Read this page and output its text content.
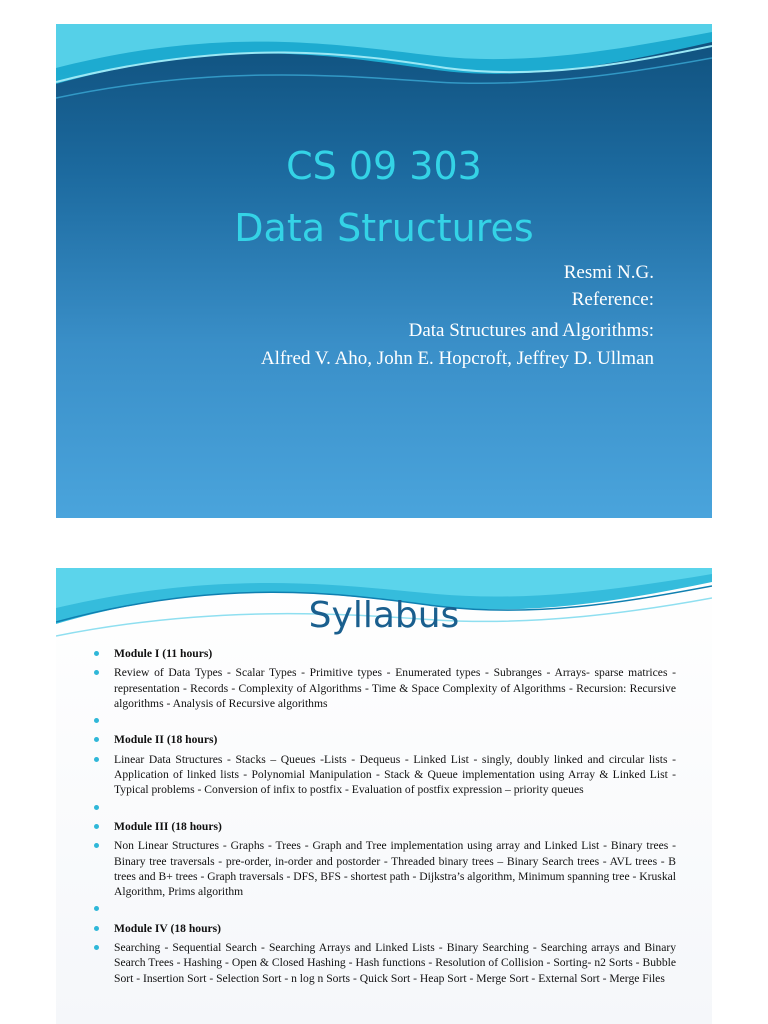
CS 09 303
Data Structures

Resmi N.G.

Reference:

Data Structures and Algorithms:

Alfred V. Aho, John E. Hopcroft, Jeffrey D. Ullman

Syllabus
Module I (11 hours)
Review of Data Types - Scalar Types - Primitive types - Enumerated types - Subranges - Arrays- sparse matrices - representation - Records - Complexity of Algorithms - Time & Space Complexity of Algorithms - Recursion: Recursive algorithms - Analysis of Recursive algorithms
Module II (18 hours)
Linear Data Structures - Stacks – Queues -Lists - Dequeus - Linked List - singly, doubly linked and circular lists - Application of linked lists - Polynomial Manipulation - Stack & Queue implementation using Array & Linked List - Typical problems - Conversion of infix to postfix - Evaluation of postfix expression – priority queues
Module III (18 hours)
Non Linear Structures - Graphs - Trees - Graph and Tree implementation using array and Linked List - Binary trees - Binary tree traversals - pre-order, in-order and postorder - Threaded binary trees – Binary Search trees - AVL trees - B trees and B+ trees - Graph traversals - DFS, BFS - shortest path - Dijkstra’s algorithm, Minimum spanning tree - Kruskal Algorithm, Prims algorithm
Module IV (18 hours)
Searching - Sequential Search - Searching Arrays and Linked Lists - Binary Searching - Searching arrays and Binary Search Trees - Hashing - Open & Closed Hashing - Hash functions - Resolution of Collision - Sorting- n2 Sorts - Bubble Sort - Insertion Sort - Selection Sort - n log n Sorts - Quick Sort - Heap Sort - Merge Sort - External Sort - Merge Files
